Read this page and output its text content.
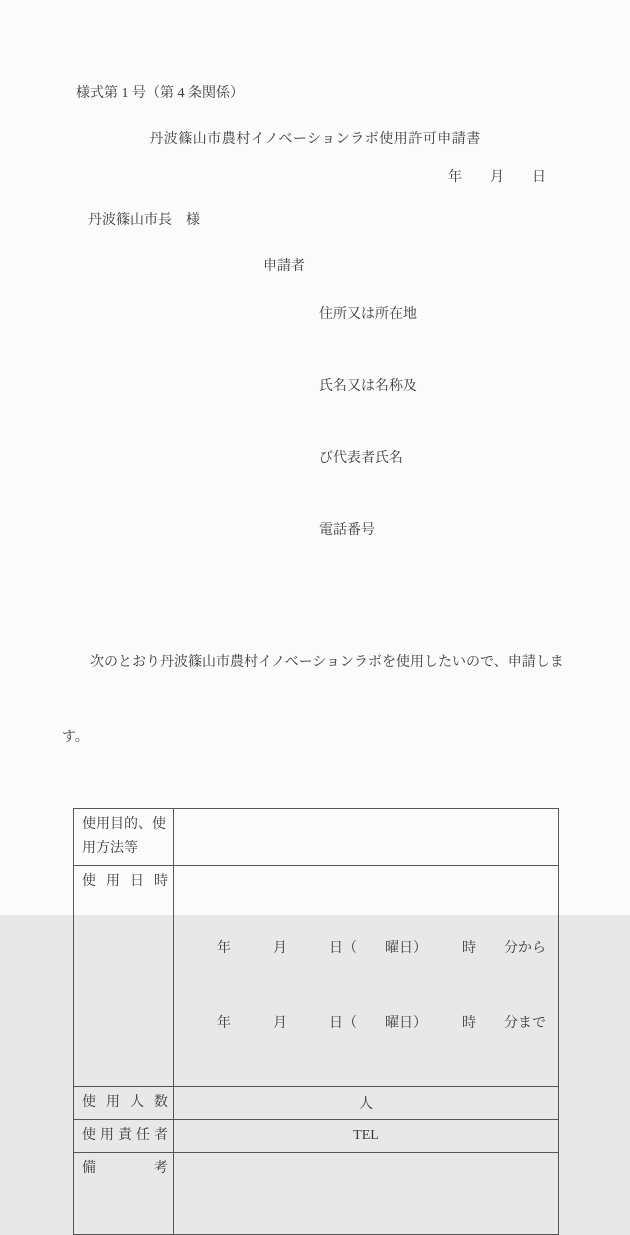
様式第 1 号（第 4 条関係）
丹波篠山市農村イノベーションラボ使用許可申請書
年　　月　　日
丹波篠山市長　様
申請者

住所又は所在地

氏名又は名称及

び代表者氏名

電話番号

　　次のとおり丹波篠山市農村イノベーションラボを使用したいので、申請しま

す。

使用目的、使
用方法等	

使 用 日 時	年　　　月　　　日（　　曜日）　　　時　　分から

年　　　月　　　日（　　曜日）　　　時　　分まで

使 用 人 数	人
使 用 責 任 者	TEL
備 考	
